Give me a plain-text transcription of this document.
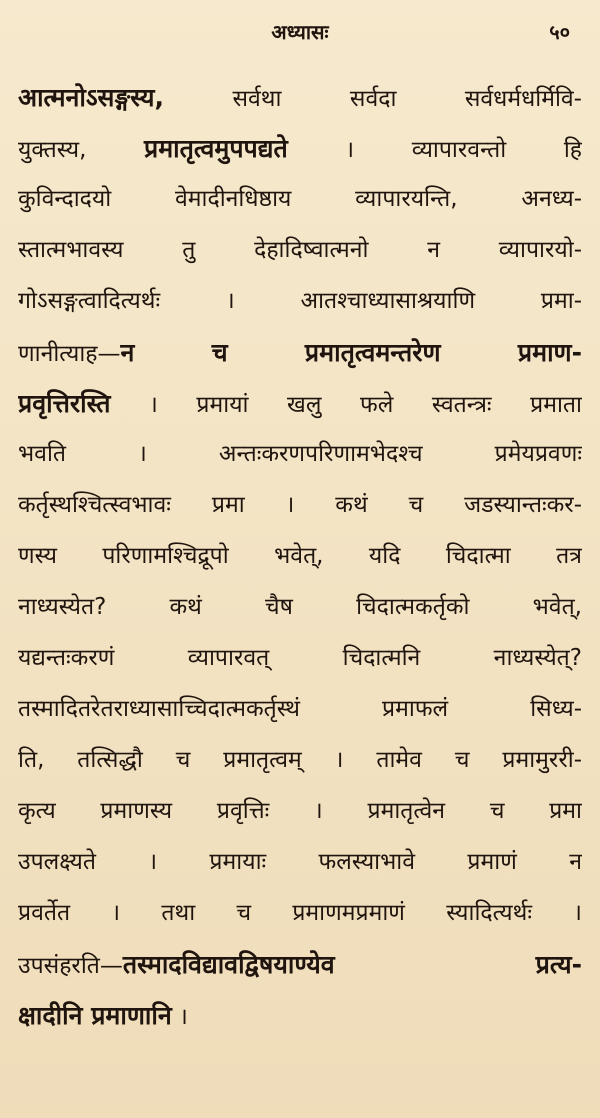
अध्यासः	५०
आत्मनोऽसङ्गस्य, सर्वथा सर्वदा सर्वधर्मधर्मिवि-
युक्तस्य, प्रमातृत्वमुपपद्यते । व्यापारवन्तो हि
कुविन्दादयो वेमादीनधिष्ठाय व्यापारयन्ति, अनध्य-
स्तात्मभावस्य तु देहादिष्वात्मनो न व्यापारयो-
गोऽसङ्गत्वादित्यर्थः । आतश्चाध्यासाश्रयाणि प्रमा-
णानीत्याह—न च प्रमातृत्वमन्तरेण प्रमाण-
प्रवृत्तिरस्ति । प्रमायां खलु फले स्वतन्त्रः प्रमाता
भवति । अन्तःकरणपरिणामभेदश्च प्रमेयप्रवणः
कर्तृस्थश्चित्स्वभावः प्रमा । कथं च जडस्यान्तःकर-
णस्य परिणामश्चिद्रूपो भवेत्, यदि चिदात्मा तत्र
नाध्यस्येत? कथं चैष चिदात्मकर्तृको भवेत्,
यद्यन्तःकरणं व्यापारवत् चिदात्मनि नाध्यस्येत्?
तस्मादितरेतराध्यासाच्चिदात्मकर्तृस्थं प्रमाफलं सिध्य-
ति, तत्सिद्धौ च प्रमातृत्वम् । तामेव च प्रमामुररी-
कृत्य प्रमाणस्य प्रवृत्तिः । प्रमातृत्वेन च प्रमा
उपलक्ष्यते । प्रमायाः फलस्याभावे प्रमाणं न
प्रवर्तेत । तथा च प्रमाणमप्रमाणं स्यादित्यर्थः ।
उपसंहरति—तस्मादविद्यावद्विषयाण्येव प्रत्य-
क्षादीनि प्रमाणानि ।
